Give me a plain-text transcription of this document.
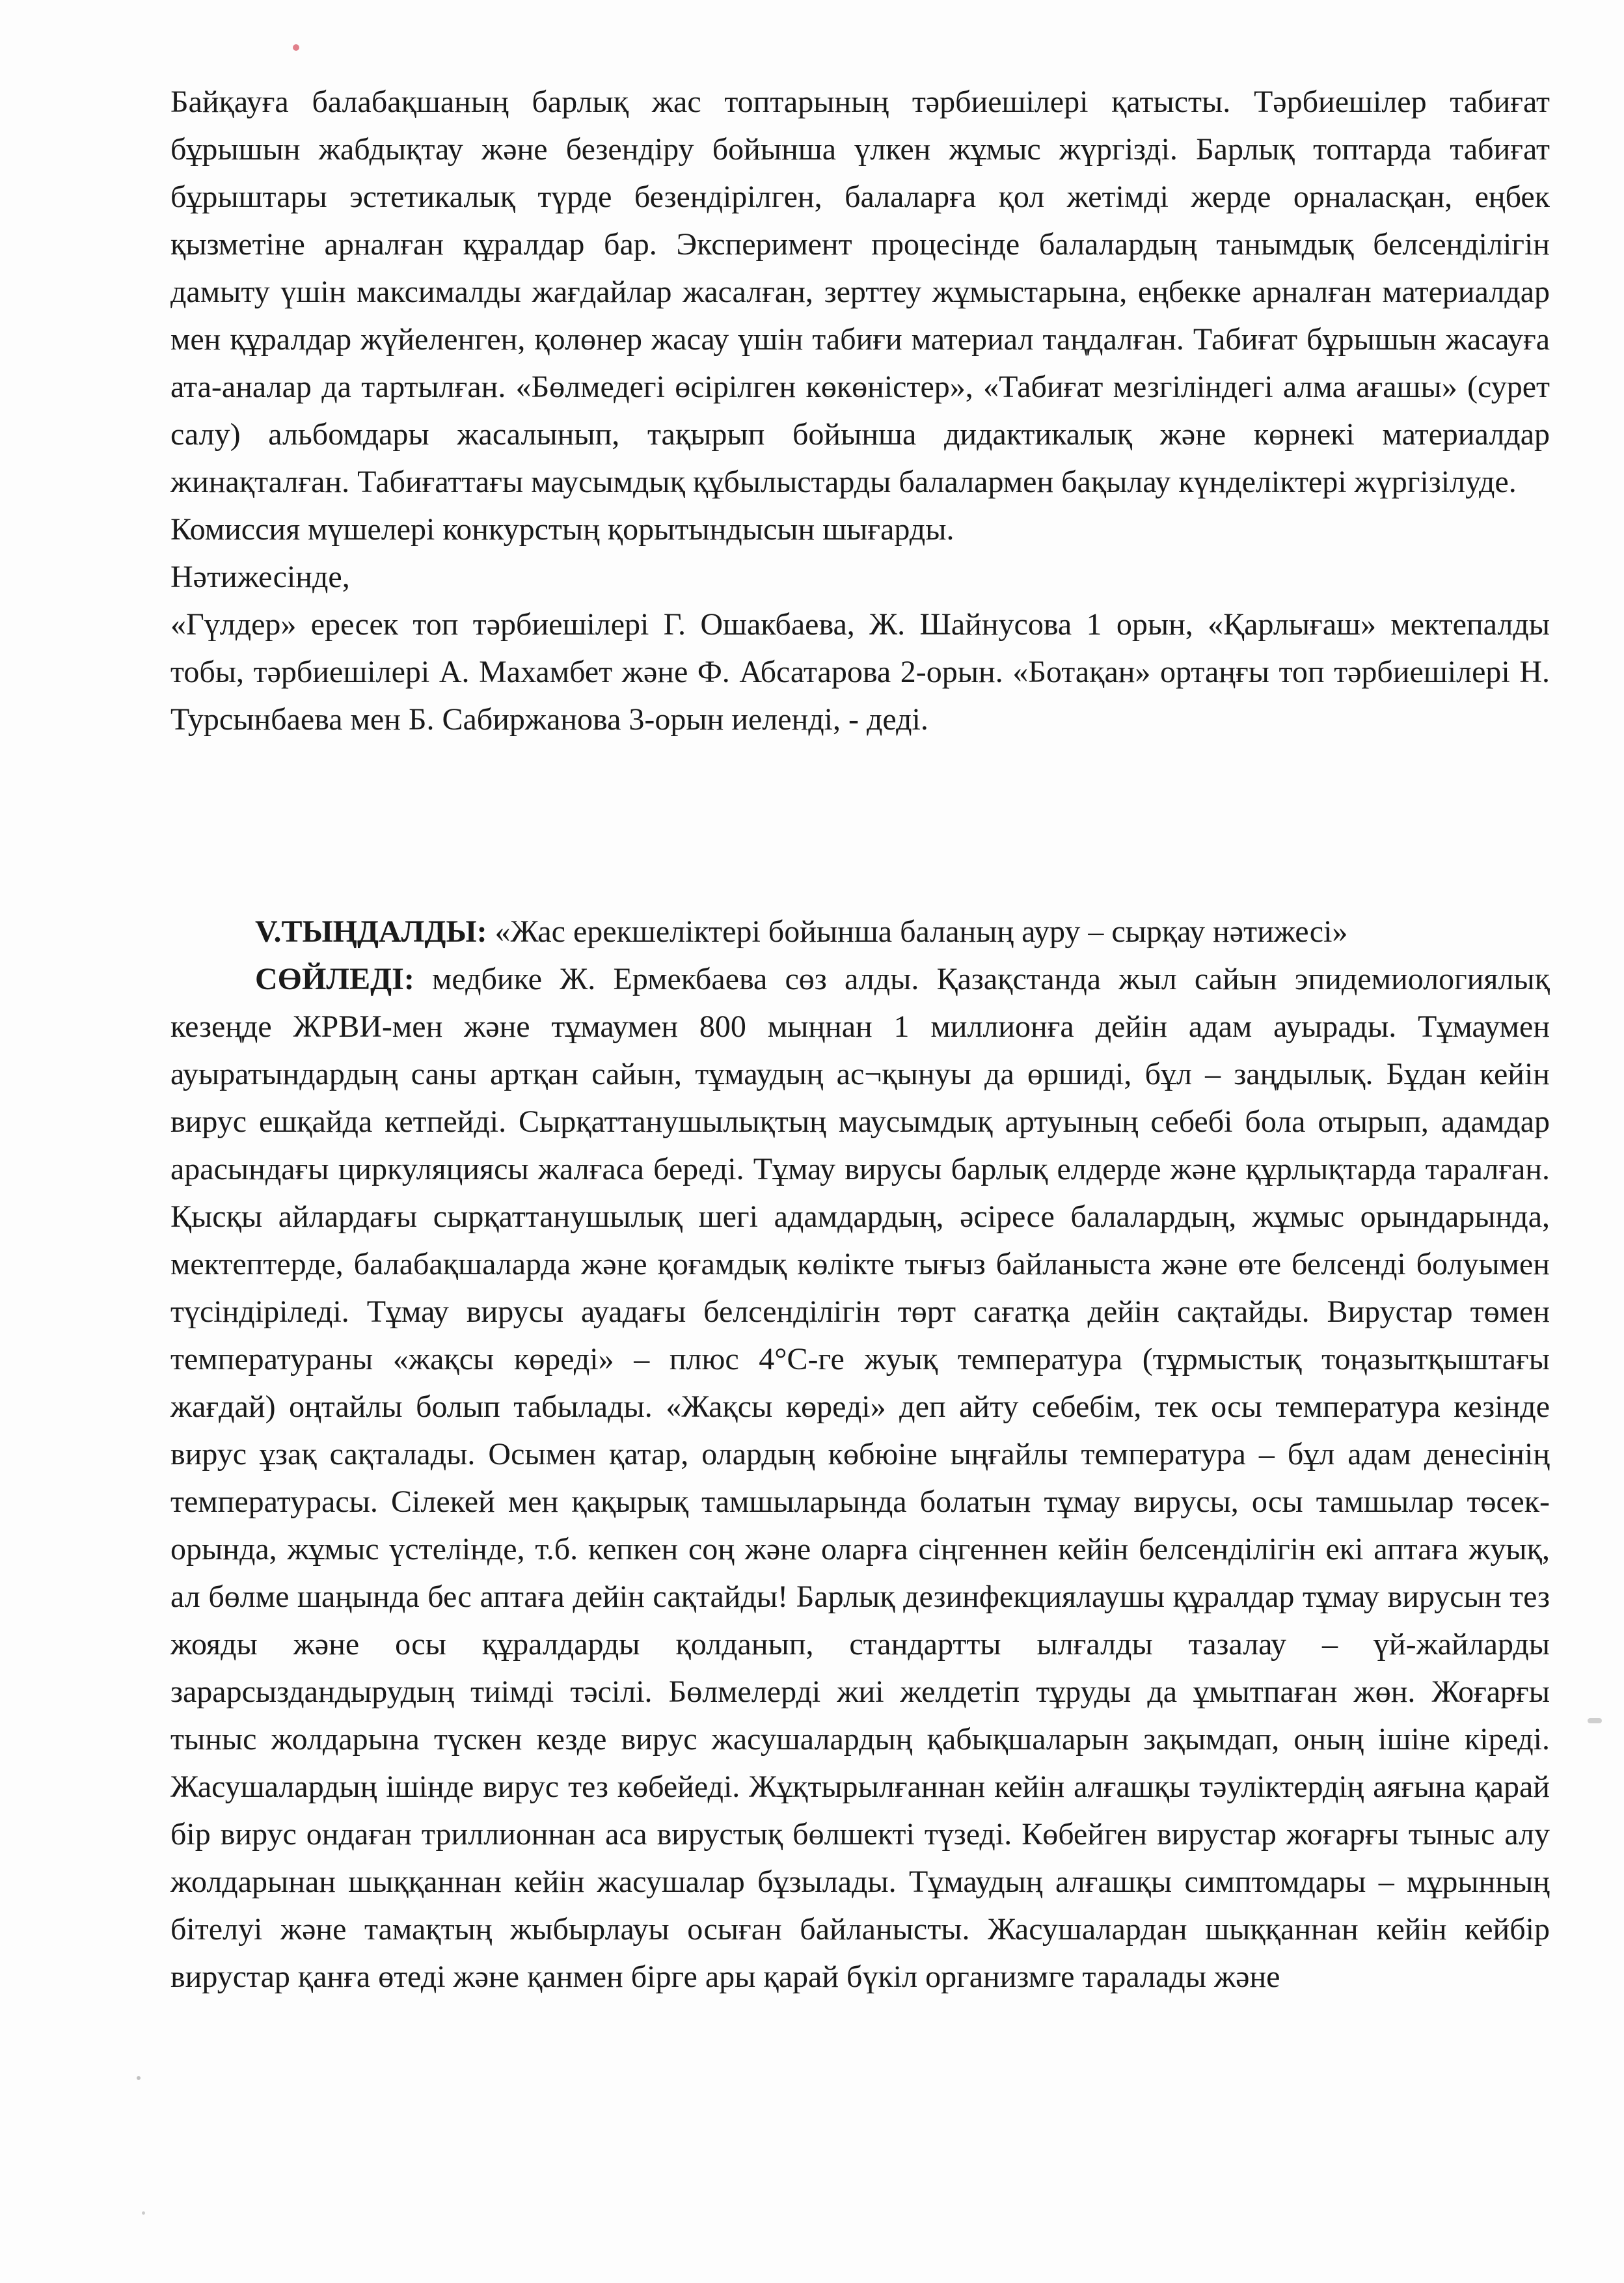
Байқауға балабақшаның барлық жас топтарының тәрбиешілері қатысты. Тәрбиешілер табиғат бұрышын жабдықтау және безендіру бойынша үлкен жұмыс жүргізді. Барлық топтарда табиғат бұрыштары эстетикалық түрде безендірілген, балаларға қол жетімді жерде орналасқан, еңбек қызметіне арналған құралдар бар. Эксперимент процесінде балалардың танымдық белсенділігін дамыту үшін максималды жағдайлар жасалған, зерттеу жұмыстарына, еңбекке арналған материалдар мен құралдар жүйеленген, қолөнер жасау үшін табиғи материал таңдалған. Табиғат бұрышын жасауға ата-аналар да тартылған. «Бөлмедегі өсірілген көкөністер», «Табиғат мезгіліндегі алма ағашы» (сурет салу) альбомдары жасалынып, тақырып бойынша дидактикалық және көрнекі материалдар жинақталған. Табиғаттағы маусымдық құбылыстарды балалармен бақылау күнделіктері жүргізілуде.

Комиссия мүшелері конкурстың қорытындысын шығарды.

Нәтижесінде,

«Гүлдер» ересек топ тәрбиешілері Г. Ошакбаева, Ж. Шайнусова 1 орын, «Қарлығаш» мектепалды тобы, тәрбиешілері А. Махамбет және Ф. Абсатарова 2-орын. «Ботақан» ортаңғы топ тәрбиешілері Н. Турсынбаева мен Б. Сабиржанова 3-орын иеленді, - деді.

V.ТЫҢДАЛДЫ: «Жас ерекшеліктері бойынша баланың ауру – сырқау нәтижесі»

СӨЙЛЕДІ: медбике Ж. Ермекбаева сөз алды. Қазақстанда жыл сайын эпидемиологиялық кезеңде ЖРВИ-мен және тұмаумен 800 мыңнан 1 миллионға дейін адам ауырады. Тұмаумен ауыратындардың саны артқан сайын, тұмаудың ас¬қынуы да өршиді, бұл – заңдылық. Бұдан кейін вирус ешқайда кетпейді. Сырқаттанушылықтың маусымдық артуының себебі бола отырып, адамдар арасындағы циркуляциясы жалғаса береді. Тұмау вирусы барлық елдерде және құрлықтарда таралған. Қысқы айлардағы сырқаттанушылық шегі адамдардың, әсіресе балалардың, жұмыс орындарында, мектептерде, балабақшаларда және қоғамдық көлікте тығыз байланыста және өте белсенді болуымен түсіндіріледі. Тұмау вирусы ауадағы белсенділігін төрт сағатқа дейін сақтайды. Вирустар төмен температураны «жақсы көреді» – плюс 4°С-ге жуық температура (тұрмыстық тоңазытқыштағы жағдай) оңтайлы болып табылады. «Жақсы көреді» деп айту себебім, тек осы температура кезінде вирус ұзақ сақталады. Осымен қатар, олардың көбюіне ыңғайлы температура – бұл адам денесінің температурасы. Сілекей мен қақырық тамшыларында болатын тұмау вирусы, осы тамшылар төсек-орында, жұмыс үстелінде, т.б. кепкен соң және оларға сіңгеннен кейін белсенділігін екі аптаға жуық, ал бөлме шаңында бес аптаға дейін сақтайды! Барлық дезинфекциялаушы құралдар тұмау вирусын тез жояды және осы құралдарды қолданып, стандартты ылғалды тазалау – үй-жайларды зарарсыздандырудың тиімді тәсілі. Бөлмелерді жиі желдетіп тұруды да ұмытпаған жөн. Жоғарғы тыныс жолдарына түскен кезде вирус жасушалардың қабықшаларын зақымдап, оның ішіне кіреді. Жасушалардың ішінде вирус тез көбейеді. Жұқтырылғаннан кейін алғашқы тәуліктердің аяғына қарай бір вирус ондаған триллионнан аса вирустық бөлшекті түзеді. Көбейген вирустар жоғарғы тыныс алу жолдарынан шыққаннан кейін жасушалар бұзылады. Тұмаудың алғашқы симптомдары – мұрынның бітелуі және тамақтың жыбырлауы осыған байланысты. Жасушалардан шыққаннан кейін кейбір вирустар қанға өтеді және қанмен бірге ары қарай бүкіл организмге таралады және
